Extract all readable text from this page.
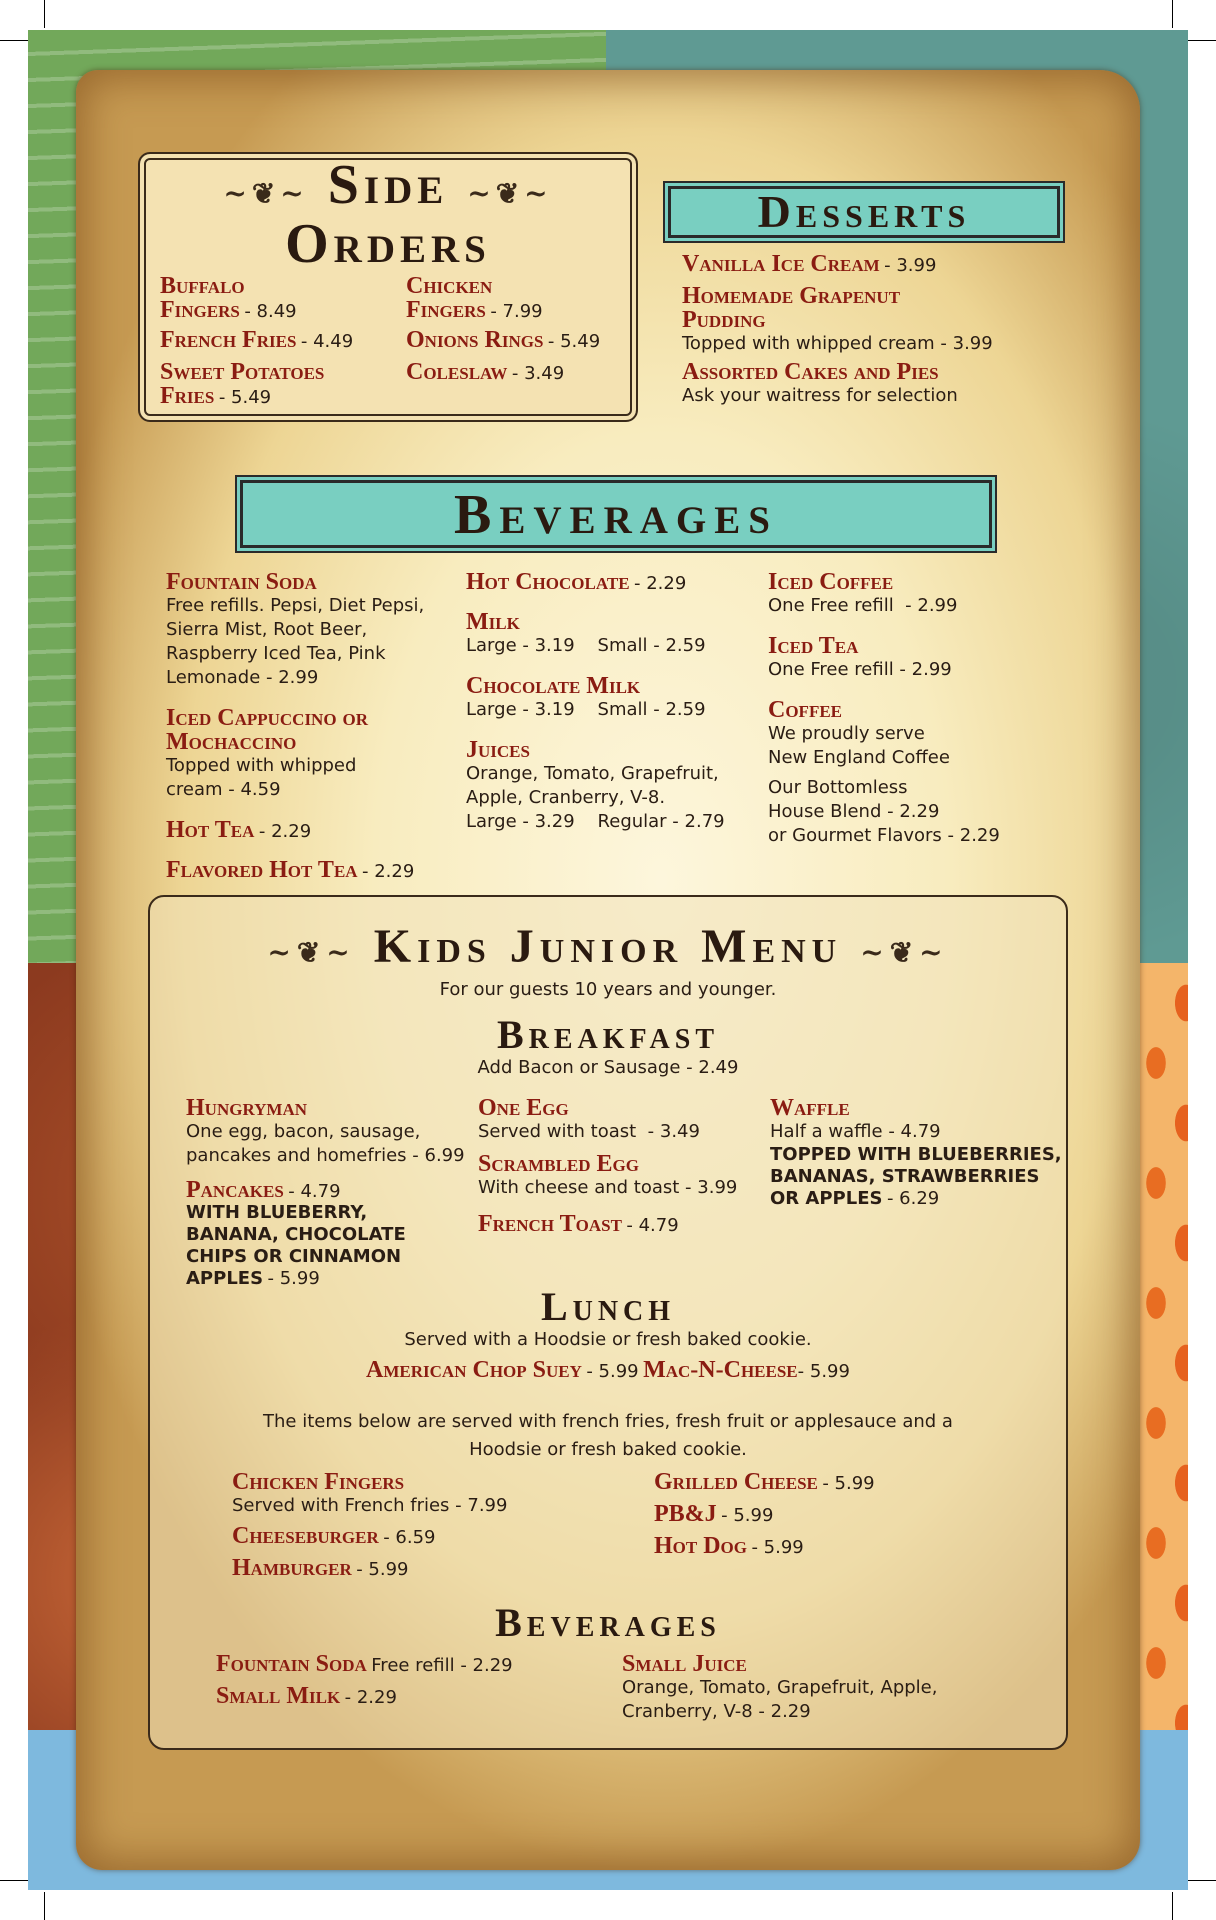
~❦~ Side ~❦~
Orders
Buffalo
Fingers - 8.49
French Fries - 4.49
Sweet Potatoes
Fries - 5.49
Chicken
Fingers - 7.99
Onions Rings - 5.49
Coleslaw - 3.49
Desserts
Vanilla Ice Cream - 3.99
Homemade Grapenut
Pudding
Topped with whipped cream - 3.99
Assorted Cakes and Pies
Ask your waitress for selection
Beverages
Fountain Soda
Free refills. Pepsi, Diet Pepsi,
Sierra Mist, Root Beer,
Raspberry Iced Tea, Pink
Lemonade - 2.99
Iced Cappuccino or
Mochaccino
Topped with whipped
cream - 4.59
Hot Tea - 2.29
Flavored Hot Tea - 2.29
Hot Chocolate - 2.29
Milk
Large - 3.19    Small - 2.59
Chocolate Milk
Large - 3.19    Small - 2.59
Juices
Orange, Tomato, Grapefruit,
Apple, Cranberry, V-8.
Large - 3.29    Regular - 2.79
Iced Coffee
One Free refill  - 2.99
Iced Tea
One Free refill - 2.99
Coffee
We proudly serve
New England Coffee
Our Bottomless
House Blend - 2.29
or Gourmet Flavors - 2.29
~❦~ Kids Junior Menu ~❦~
For our guests 10 years and younger.
Breakfast
Add Bacon or Sausage - 2.49
Hungryman
One egg, bacon, sausage,
pancakes and homefries - 6.99
Pancakes - 4.79
WITH BLUEBERRY,
BANANA, CHOCOLATE
CHIPS OR CINNAMON
APPLES - 5.99
One Egg
Served with toast  - 3.49
Scrambled Egg
With cheese and toast - 3.99
French Toast - 4.79
Waffle
Half a waffle - 4.79
TOPPED WITH BLUEBERRIES,
BANANAS, STRAWBERRIES
OR APPLES - 6.29
Lunch
Served with a Hoodsie or fresh baked cookie.
American Chop Suey - 5.99 Mac-N-Cheese- 5.99
The items below are served with french fries, fresh fruit or applesauce and a
Hoodsie or fresh baked cookie.
Chicken Fingers
Served with French fries - 7.99
Cheeseburger - 6.59
Hamburger - 5.99
Grilled Cheese - 5.99
PB&J - 5.99
Hot Dog - 5.99
Beverages
Fountain Soda Free refill - 2.29
Small Milk - 2.29
Small Juice
Orange, Tomato, Grapefruit, Apple,
Cranberry, V-8 - 2.29
